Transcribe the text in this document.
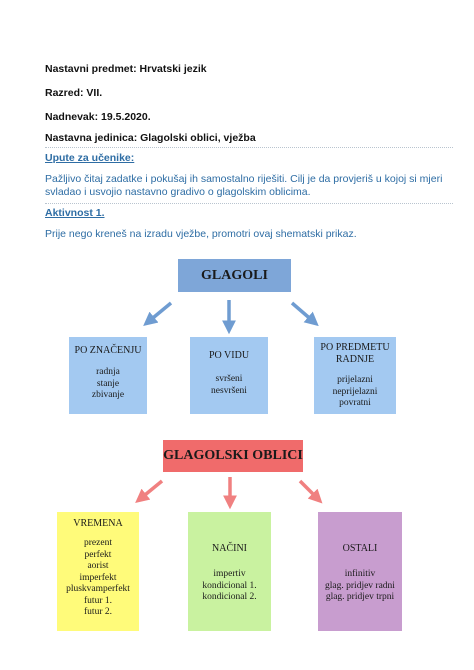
Nastavni predmet: Hrvatski jezik
Razred: VII.
Nadnevak: 19.5.2020.
Nastavna jedinica: Glagolski oblici, vježba
Upute za učenike:
Pažljivo čitaj zadatke i pokušaj ih samostalno riješiti. Cilj je da provjeriš u kojoj si mjeri
svladao i usvojio nastavno gradivo o glagolskim oblicima.
Aktivnost 1.
Prije nego kreneš na izradu vježbe, promotri ovaj shematski prikaz.
GLAGOLI
PO ZNAČENJU
radnja
stanje
zbivanje
PO VIDU
svršeni
nesvršeni
PO PREDMETU
RADNJE
prijelazni
neprijelazni
povratni
GLAGOLSKI OBLICI
VREMENA
prezent
perfekt
aorist
imperfekt
pluskvamperfekt
futur 1.
futur 2.
NAČINI
impertiv
kondicional 1.
kondicional 2.
OSTALI
infinitiv
glag. pridjev radni
glag. pridjev trpni
